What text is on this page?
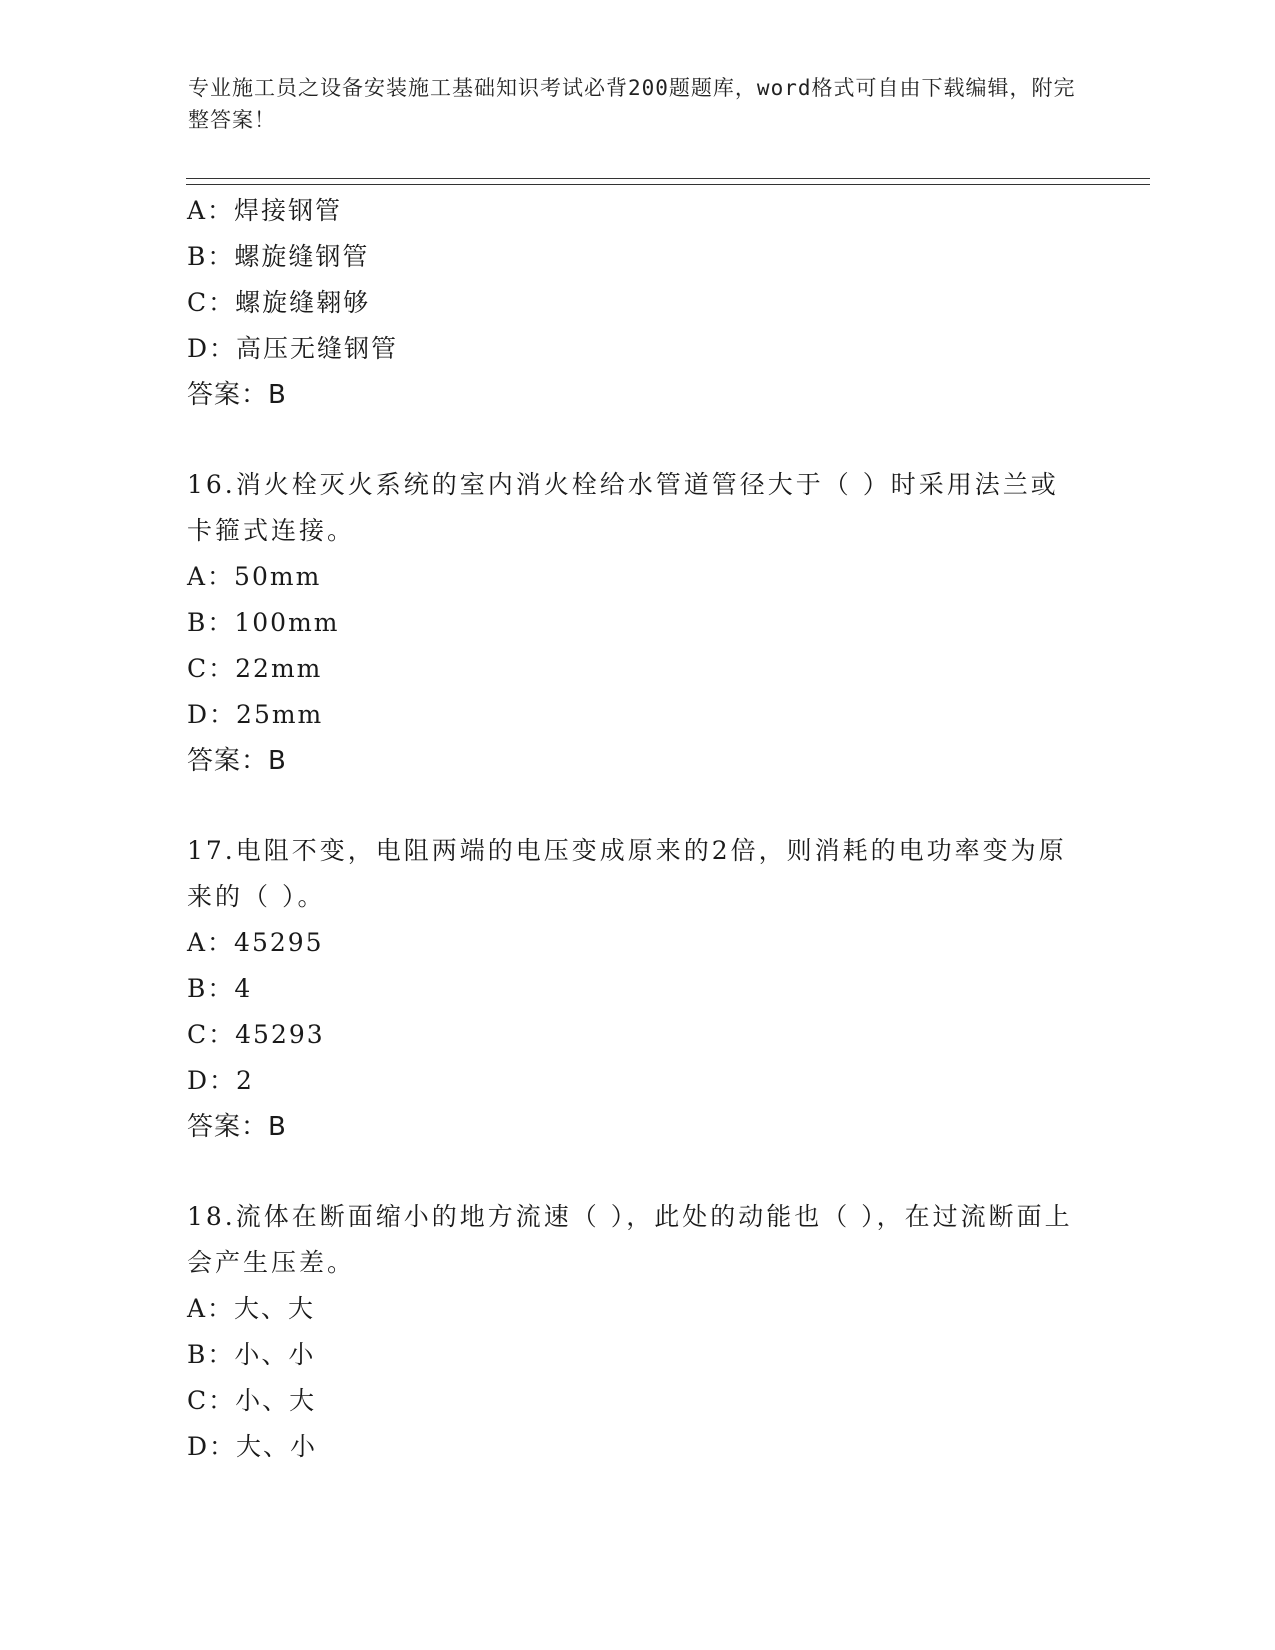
专业施工员之设备安装施工基础知识考试必背200题题库，word格式可自由下载编辑，附完整答案！
A：焊接钢管
B：螺旋缝钢管
C：螺旋缝翱够
D：高压无缝钢管
答案：B
16.消火栓灭火系统的室内消火栓给水管道管径大于（ ）时采用法兰或卡箍式连接。
A：50mm
B：100mm
C：22mm
D：25mm
答案：B
17.电阻不变，电阻两端的电压变成原来的2倍，则消耗的电功率变为原来的（ ）。
A：45295
B：4
C：45293
D：2
答案：B
18.流体在断面缩小的地方流速（ ），此处的动能也（ ），在过流断面上会产生压差。
A：大、大
B：小、小
C：小、大
D：大、小
